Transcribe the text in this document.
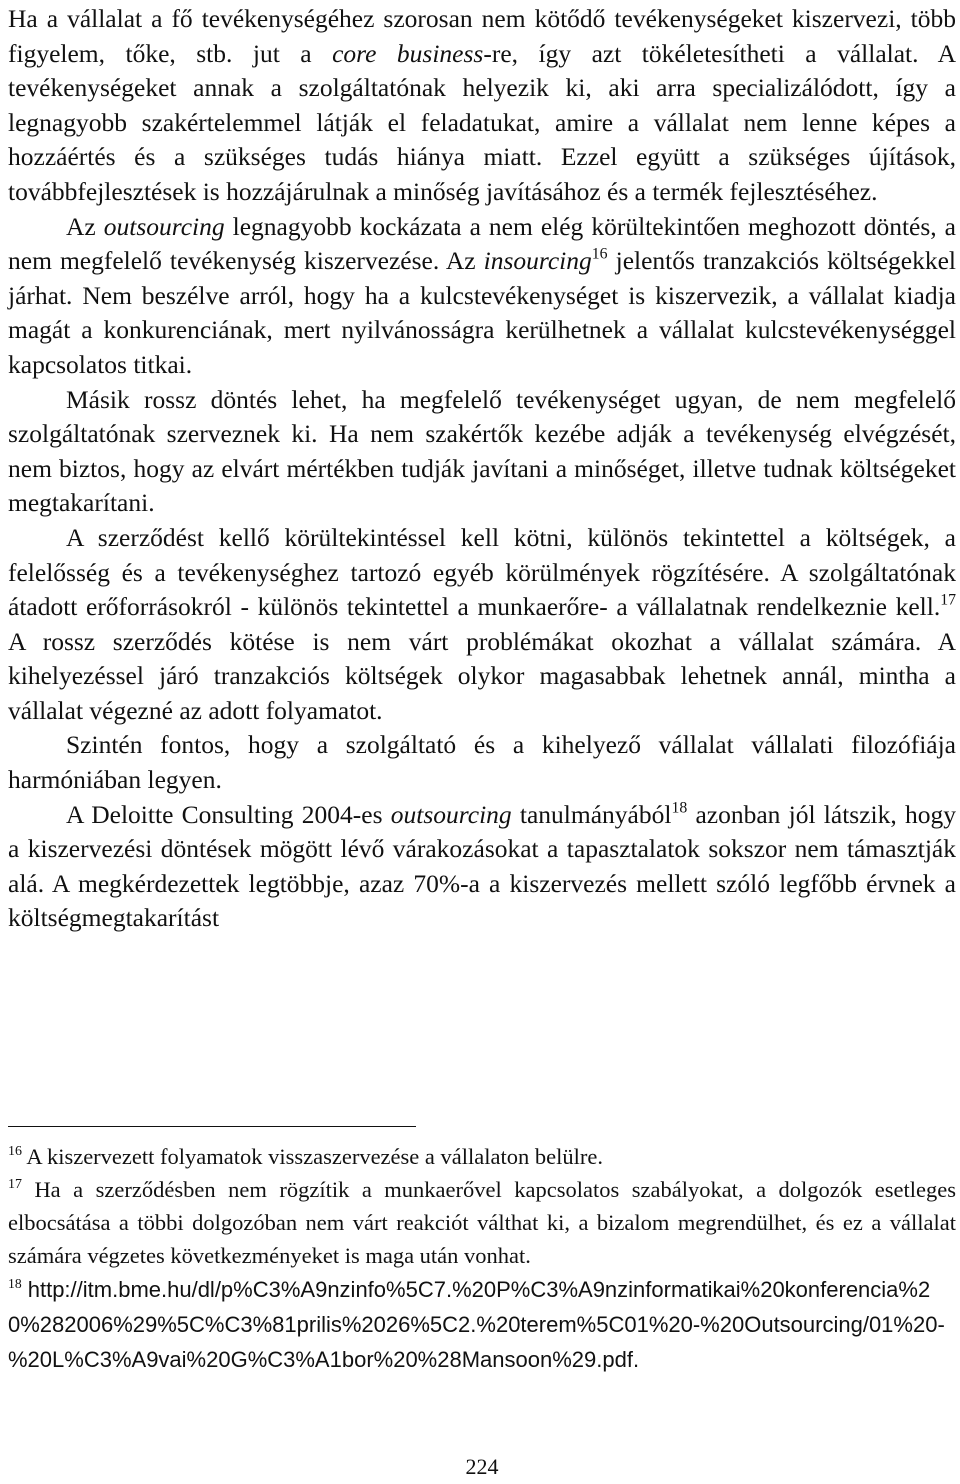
Ha a vállalat a fő tevékenységéhez szorosan nem kötődő tevékenységeket kiszervezi, több figyelem, tőke, stb. jut a core business-re, így azt tökéletesítheti a vállalat. A tevékenységeket annak a szolgáltatónak helyezik ki, aki arra specializálódott, így a legnagyobb szakértelemmel látják el feladatukat, amire a vállalat nem lenne képes a hozzáértés és a szükséges tudás hiánya miatt. Ezzel együtt a szükséges újítások, továbbfejlesztések is hozzájárulnak a minőség javításához és a termék fejlesztéséhez.

Az outsourcing legnagyobb kockázata a nem elég körültekintően meghozott döntés, a nem megfelelő tevékenység kiszervezése. Az insourcing$^{16}$ jelentős tranzakciós költségekkel járhat. Nem beszélve arról, hogy ha a kulcstevékenységet is kiszervezik, a vállalat kiadja magát a konkurenciának, mert nyilvánosságra kerülhetnek a vállalat kulcstevékenységgel kapcsolatos titkai.

Másik rossz döntés lehet, ha megfelelő tevékenységet ugyan, de nem megfelelő szolgáltatónak szerveznek ki. Ha nem szakértők kezébe adják a tevékenység elvégzését, nem biztos, hogy az elvárt mértékben tudják javítani a minőséget, illetve tudnak költségeket megtakarítani.

A szerződést kellő körültekintéssel kell kötni, különös tekintettel a költségek, a felelősség és a tevékenységhez tartozó egyéb körülmények rögzítésére. A szolgáltatónak átadott erőforrásokról - különös tekintettel a munkaerőre- a vállalatnak rendelkeznie kell.$^{17}$ A rossz szerződés kötése is nem várt problémákat okozhat a vállalat számára. A kihelyezéssel járó tranzakciós költségek olykor magasabbak lehetnek annál, mintha a vállalat végezné az adott folyamatot.

Szintén fontos, hogy a szolgáltató és a kihelyező vállalat vállalati filozófiája harmóniában legyen.

A Deloitte Consulting 2004-es outsourcing tanulmányából$^{18}$ azonban jól látszik, hogy a kiszervezési döntések mögött lévő várakozásokat a tapasztalatok sokszor nem támasztják alá. A megkérdezettek legtöbbje, azaz 70%-a a kiszervezés mellett szóló legfőbb érvnek a költségmegtakarítást

$^{16}$ A kiszervezett folyamatok visszaszervezése a vállalaton belülre.

$^{17}$ Ha a szerződésben nem rögzítik a munkaerővel kapcsolatos szabályokat, a dolgozók esetleges elbocsátása a többi dolgozóban nem várt reakciót válthat ki, a bizalom megrendülhet, és ez a vállalat számára végzetes következményeket is maga után vonhat.

$^{18}$ http://itm.bme.hu/dl/p%C3%A9nzinfo%5C7.%20P%C3%A9nzinformatikai%20konferencia%20%282006%29%5C%C3%81prilis%2026%5C2.%20terem%5C01%20-%20Outsourcing/01%20-%20L%C3%A9vai%20G%C3%A1bor%20%28Mansoon%29.pdf.

224
